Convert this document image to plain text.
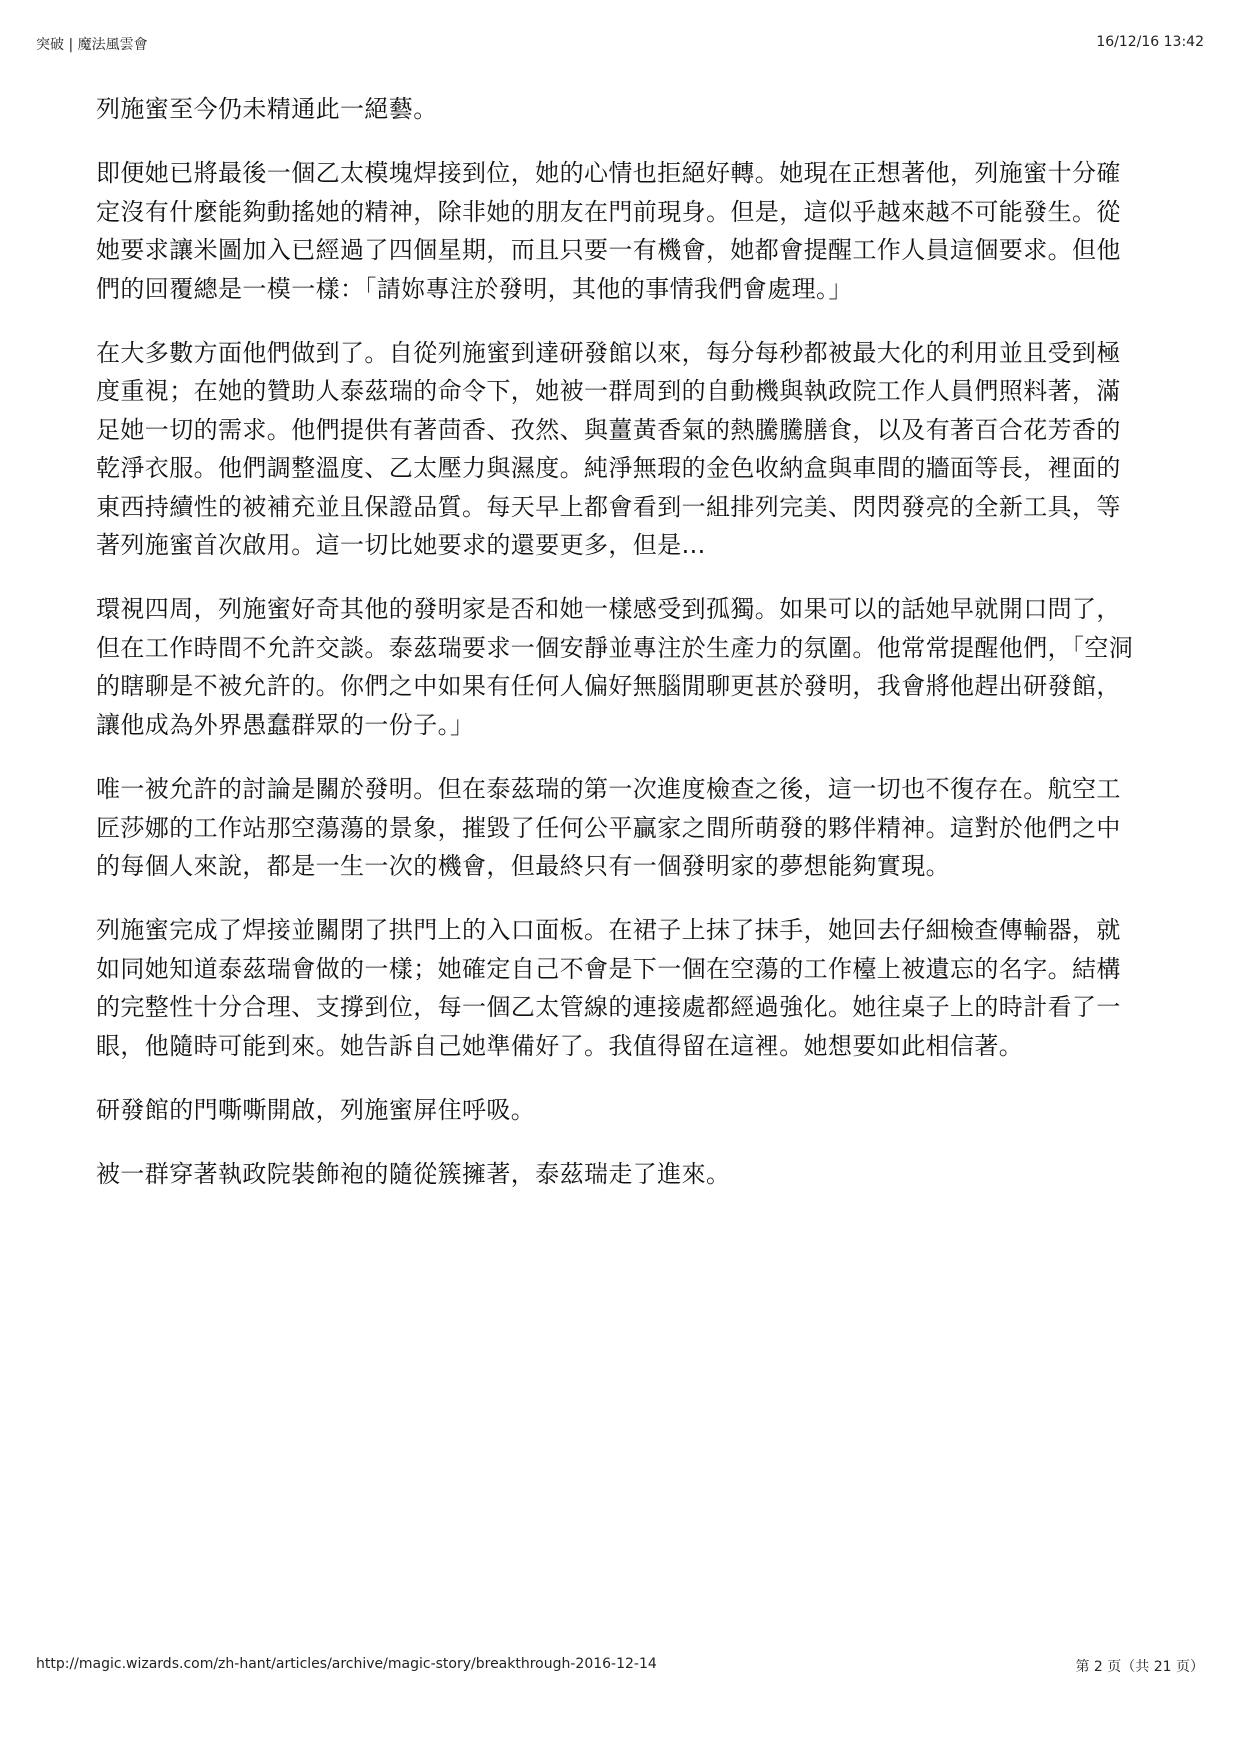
突破 | 魔法風雲會	16/12/16 13:42

列施蜜至今仍未精通此一絕藝。

即便她已將最後一個乙太模塊焊接到位，她的心情也拒絕好轉。她現在正想著他，列施蜜十分確定沒有什麼能夠動搖她的精神，除非她的朋友在門前現身。但是，這似乎越來越不可能發生。從她要求讓米圖加入已經過了四個星期，而且只要一有機會，她都會提醒工作人員這個要求。但他們的回覆總是一模一樣：「請妳專注於發明，其他的事情我們會處理。」

在大多數方面他們做到了。自從列施蜜到達研發館以來，每分每秒都被最大化的利用並且受到極度重視；在她的贊助人泰茲瑞的命令下，她被一群周到的自動機與執政院工作人員們照料著，滿足她一切的需求。他們提供有著茴香、孜然、與薑黃香氣的熱騰騰膳食，以及有著百合花芳香的乾淨衣服。他們調整溫度、乙太壓力與濕度。純淨無瑕的金色收納盒與車間的牆面等長，裡面的東西持續性的被補充並且保證品質。每天早上都會看到一組排列完美、閃閃發亮的全新工具，等著列施蜜首次啟用。這一切比她要求的還要更多，但是...

環視四周，列施蜜好奇其他的發明家是否和她一樣感受到孤獨。如果可以的話她早就開口問了，但在工作時間不允許交談。泰茲瑞要求一個安靜並專注於生產力的氛圍。他常常提醒他們，「空洞的瞎聊是不被允許的。你們之中如果有任何人偏好無腦閒聊更甚於發明，我會將他趕出研發館，讓他成為外界愚蠢群眾的一份子。」

唯一被允許的討論是關於發明。但在泰茲瑞的第一次進度檢查之後，這一切也不復存在。航空工匠莎娜的工作站那空蕩蕩的景象，摧毀了任何公平贏家之間所萌發的夥伴精神。這對於他們之中的每個人來說，都是一生一次的機會，但最終只有一個發明家的夢想能夠實現。

列施蜜完成了焊接並關閉了拱門上的入口面板。在裙子上抹了抹手，她回去仔細檢查傳輸器，就如同她知道泰茲瑞會做的一樣；她確定自己不會是下一個在空蕩的工作檯上被遺忘的名字。結構的完整性十分合理、支撐到位，每一個乙太管線的連接處都經過強化。她往桌子上的時計看了一眼，他隨時可能到來。她告訴自己她準備好了。我值得留在這裡。她想要如此相信著。

研發館的門嘶嘶開啟，列施蜜屏住呼吸。

被一群穿著執政院裝飾袍的隨從簇擁著，泰茲瑞走了進來。

http://magic.wizards.com/zh-hant/articles/archive/magic-story/breakthrough-2016-12-14	第 2 页（共 21 页）
